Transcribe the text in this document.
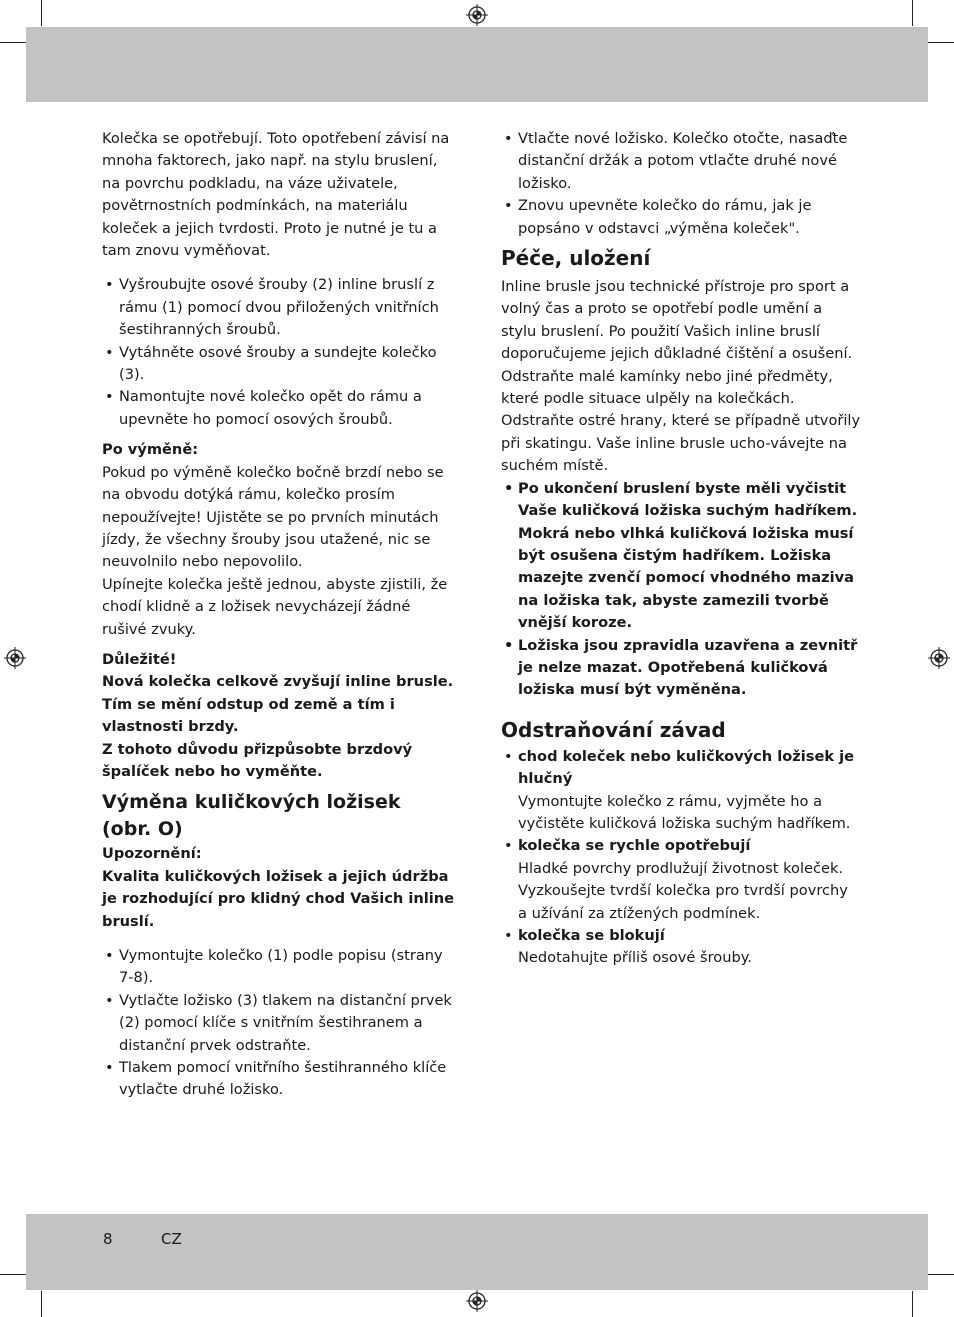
Kolečka se opotřebují. Toto opotřebení závisí na mnoha faktorech, jako např. na stylu bruslení, na povrchu podkladu, na váze uživatele, povětrnostních podmínkách, na materiálu koleček a jejich tvrdosti. Proto je nutné je tu a tam znovu vyměňovat.

• Vyšroubujte osové šrouby (2) inline bruslí z rámu (1) pomocí dvou přiložených vnitřních šestihranných šroubů.
• Vytáhněte osové šrouby a sundejte kolečko (3).
• Namontujte nové kolečko opět do rámu a upevněte ho pomocí osových šroubů.

Po výměně:

Pokud po výměně kolečko bočně brzdí nebo se na obvodu dotýká rámu, kolečko prosím nepoužívejte! Ujistěte se po prvních minutách jízdy, že všechny šrouby jsou utažené, nic se neuvolnilo nebo nepovolilo.

Upínejte kolečka ještě jednou, abyste zjistili, že chodí klidně a z ložisek nevycházejí žádné rušivé zvuky.

Důležité!

Nová kolečka celkově zvyšují inline brusle. Tím se mění odstup od země a tím i vlastnosti brzdy.

Z tohoto důvodu přizpůsobte brzdový špalíček nebo ho vyměňte.

Výměna kuličkových ložisek (obr. O)

Upozornění:

Kvalita kuličkových ložisek a jejich údržba je rozhodující pro klidný chod Vašich inline bruslí.

• Vymontujte kolečko (1) podle popisu (strany 7-8).
• Vytlačte ložisko (3) tlakem na distanční prvek (2) pomocí klíče s vnitřním šestihranem a distanční prvek odstraňte.
• Tlakem pomocí vnitřního šestihranného klíče vytlačte druhé ložisko.
• Vtlačte nové ložisko. Kolečko otočte, nasaďte distanční držák a potom vtlačte druhé nové ložisko.
• Znovu upevněte kolečko do rámu, jak je popsáno v odstavci „výměna koleček".
Péče, uložení

Inline brusle jsou technické přístroje pro sport a volný čas a proto se opotřebí podle umění a stylu bruslení. Po použití Vašich inline bruslí doporučujeme jejich důkladné čištění a osušení. Odstraňte malé kamínky nebo jiné předměty, které podle situace ulpěly na kolečkách. Odstraňte ostré hrany, které se případně utvořily při skatingu. Vaše inline brusle ucho-vávejte na suchém místě.

• Po ukončení bruslení byste měli vyčistit Vaše kuličková ložiska suchým hadříkem. Mokrá nebo vlhká kuličková ložiska musí být osušena čistým hadříkem. Ložiska mazejte zvenčí pomocí vhodného maziva na ložiska tak, abyste zamezili tvorbě vnější koroze.
• Ložiska jsou zpravidla uzavřena a zevnitř je nelze mazat. Opotřebená kuličková ložiska musí být vyměněna.
Odstraňování závad
• chod koleček nebo kuličkových ložisek je hlučný
Vymontujte kolečko z rámu, vyjměte ho a vyčistěte kuličková ložiska suchým hadříkem.
• kolečka se rychle opotřebují
Hladké povrchy prodlužují životnost koleček. Vyzkoušejte tvrdší kolečka pro tvrdší povrchy a užívání za ztížených podmínek.
• kolečka se blokují
Nedotahujte příliš osové šrouby.
8	CZ
